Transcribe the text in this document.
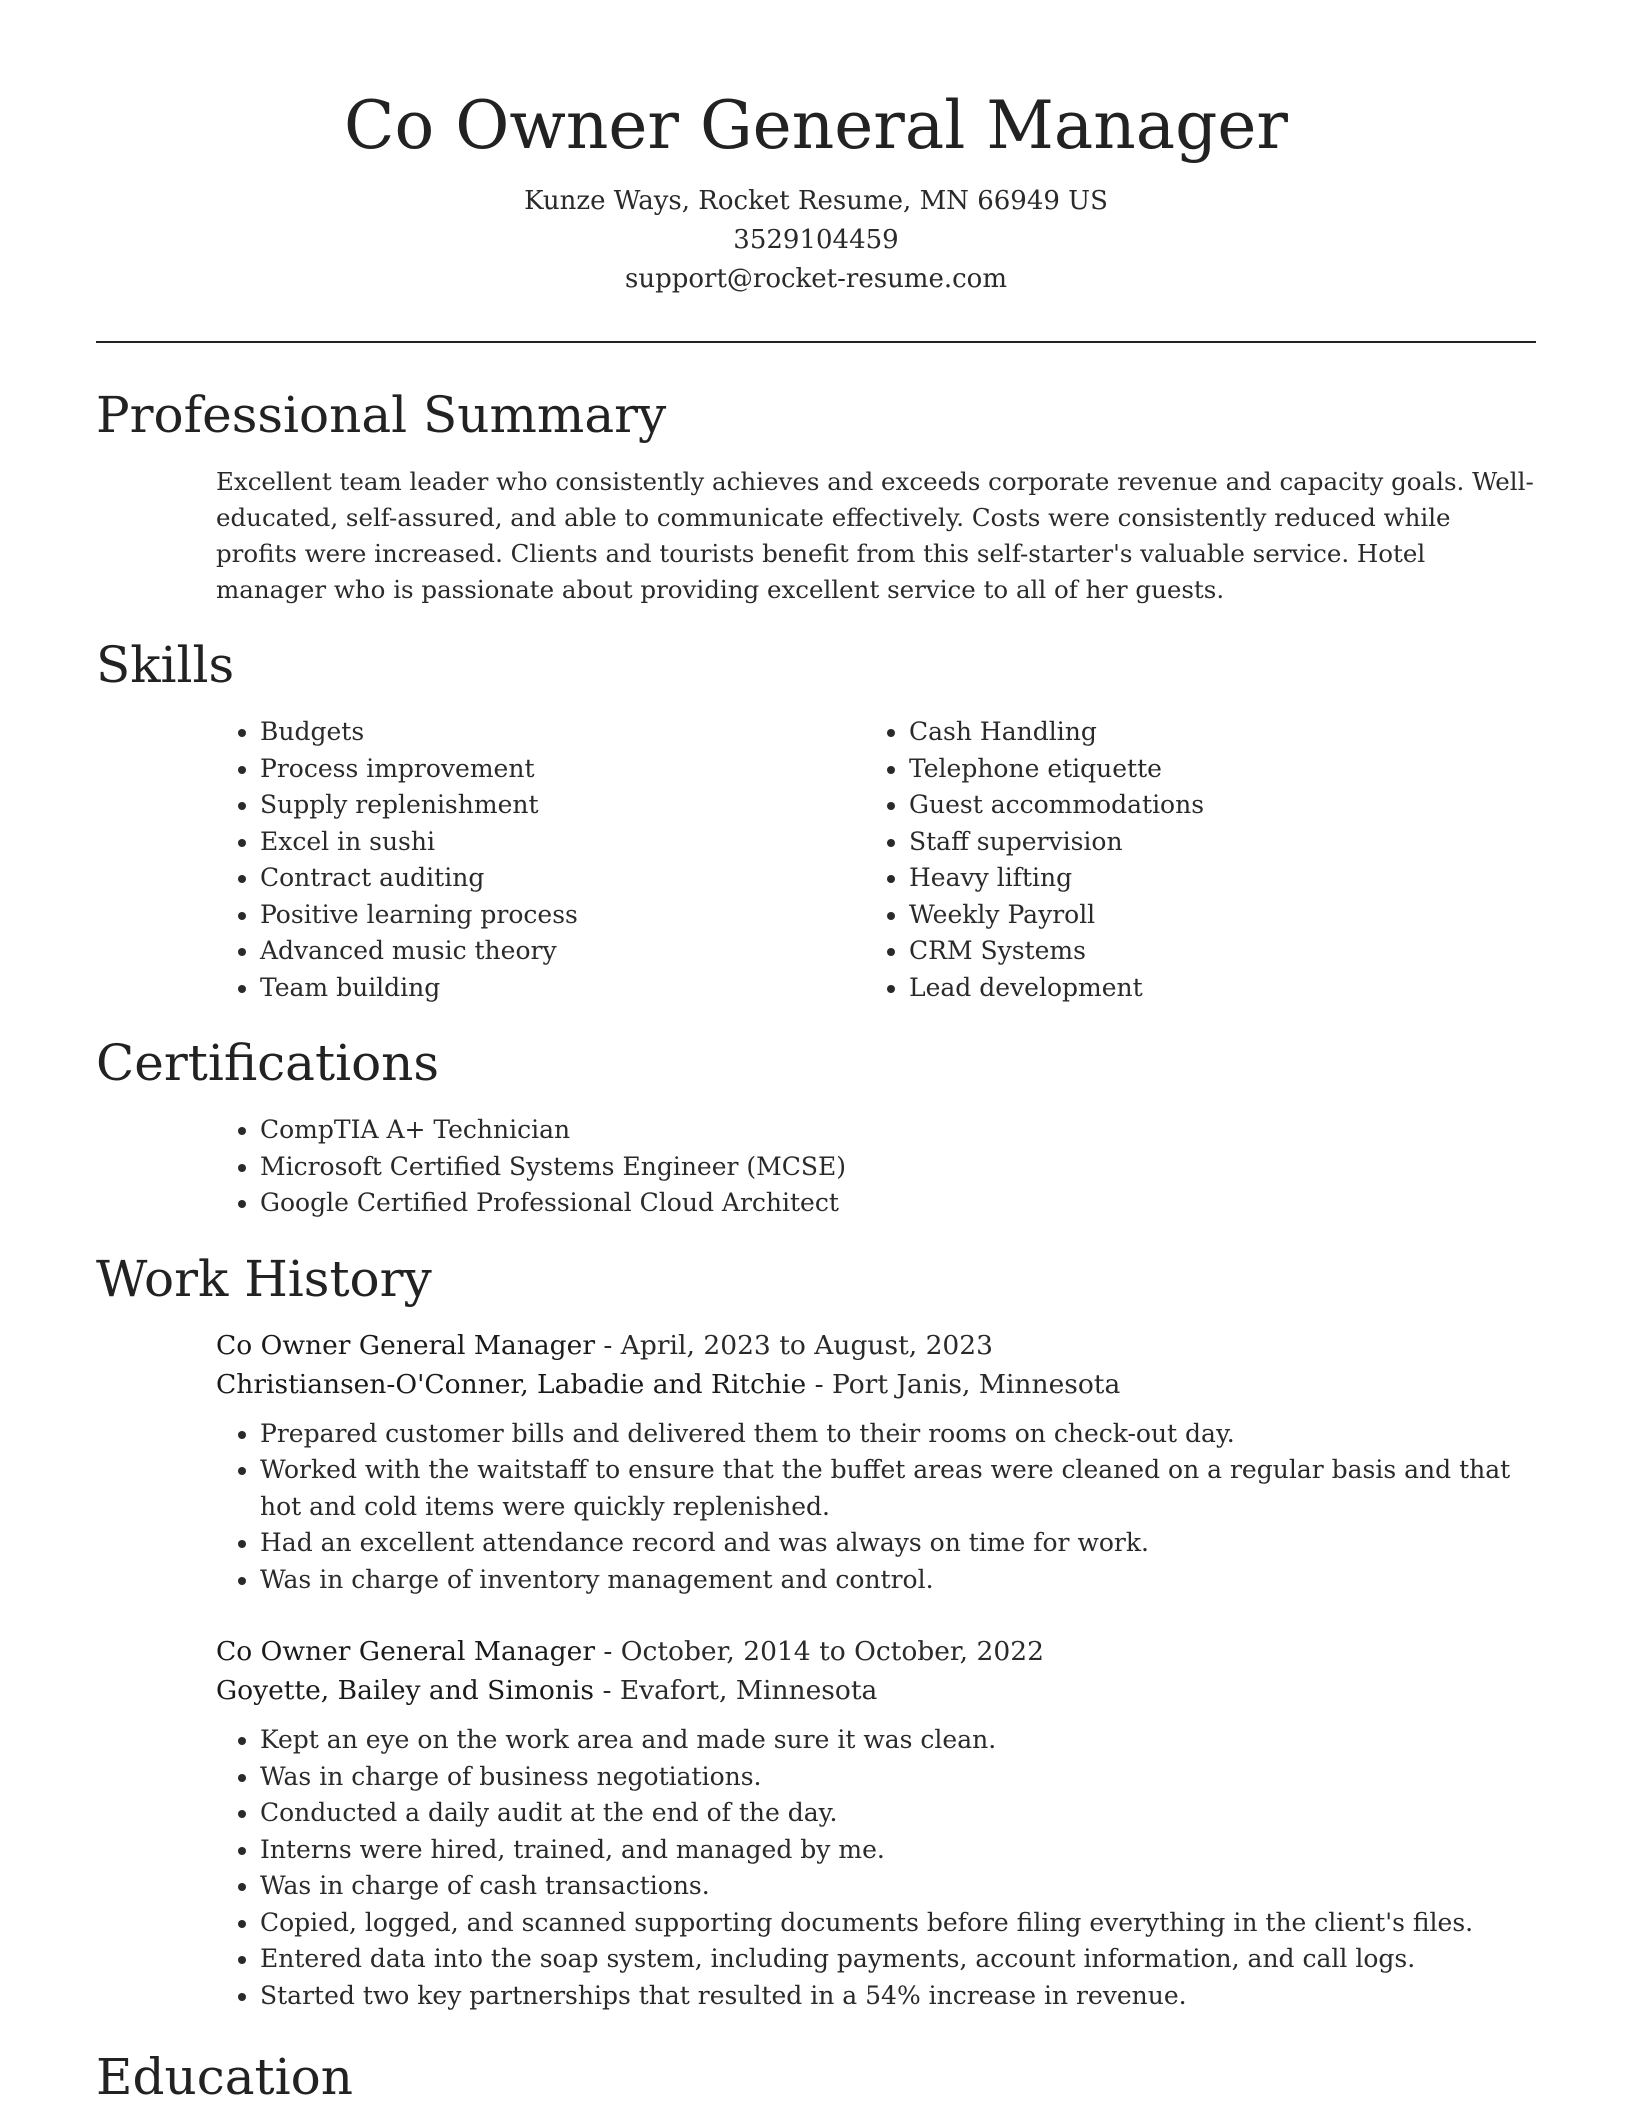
Co Owner General Manager
Kunze Ways, Rocket Resume, MN 66949 US
3529104459
support@rocket-resume.com
Professional Summary

Excellent team leader who consistently achieves and exceeds corporate revenue and capacity goals. Well-educated, self-assured, and able to communicate effectively. Costs were consistently reduced while profits were increased. Clients and tourists benefit from this self-starter's valuable service. Hotel manager who is passionate about providing excellent service to all of her guests.

Skills
• Budgets
• Process improvement
• Supply replenishment
• Excel in sushi
• Contract auditing
• Positive learning process
• Advanced music theory
• Team building
• Cash Handling
• Telephone etiquette
• Guest accommodations
• Staff supervision
• Heavy lifting
• Weekly Payroll
• CRM Systems
• Lead development
Certifications
• CompTIA A+ Technician
• Microsoft Certified Systems Engineer (MCSE)
• Google Certified Professional Cloud Architect
Work History
Co Owner General Manager - April, 2023 to August, 2023
Christiansen-O'Conner, Labadie and Ritchie - Port Janis, Minnesota
• Prepared customer bills and delivered them to their rooms on check-out day.
• Worked with the waitstaff to ensure that the buffet areas were cleaned on a regular basis and that hot and cold items were quickly replenished.
• Had an excellent attendance record and was always on time for work.
• Was in charge of inventory management and control.
Co Owner General Manager - October, 2014 to October, 2022
Goyette, Bailey and Simonis - Evafort, Minnesota
• Kept an eye on the work area and made sure it was clean.
• Was in charge of business negotiations.
• Conducted a daily audit at the end of the day.
• Interns were hired, trained, and managed by me.
• Was in charge of cash transactions.
• Copied, logged, and scanned supporting documents before filing everything in the client's files.
• Entered data into the soap system, including payments, account information, and call logs.
• Started two key partnerships that resulted in a 54% increase in revenue.
Education
